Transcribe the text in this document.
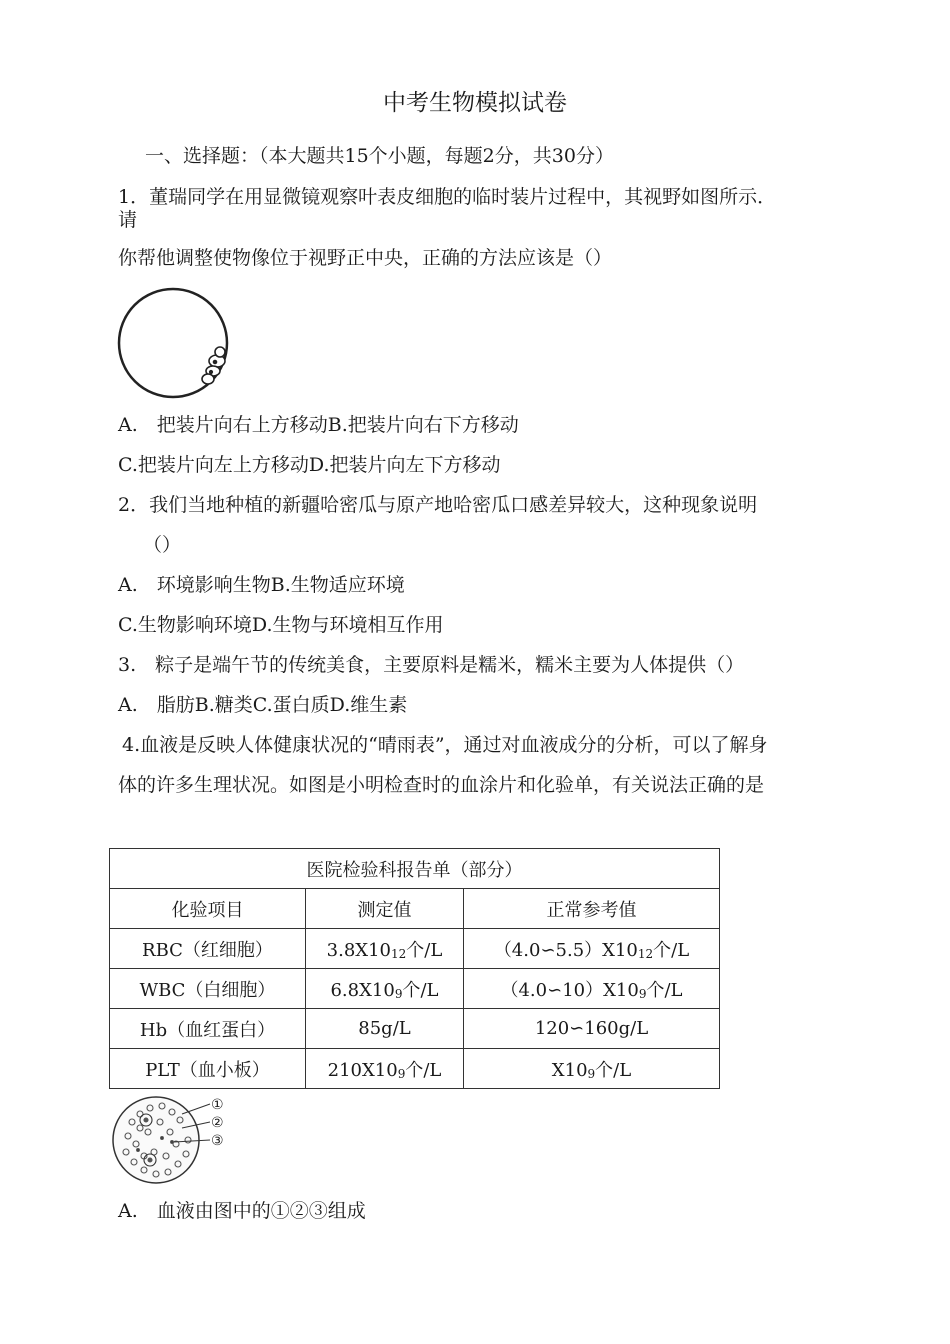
中考生物模拟试卷
一、选择题：（本大题共15个小题，每题2分，共30分）
1．董瑞同学在用显微镜观察叶表皮细胞的临时装片过程中，其视野如图所示．
请
你帮他调整使物像位于视野正中央，正确的方法应该是（）
A.　把装片向右上方移动B.把装片向右下方移动
C.把装片向左上方移动D.把装片向左下方移动
2．我们当地种植的新疆哈密瓜与原产地哈密瓜口感差异较大，这种现象说明
（）
A.　环境影响生物B.生物适应环境
C.生物影响环境D.生物与环境相互作用
3.　粽子是端午节的传统美食，主要原料是糯米，糯米主要为人体提供（）
A.　脂肪B.糖类C.蛋白质D.维生素
4.血液是反映人体健康状况的“晴雨表”，通过对血液成分的分析，可以了解身
体的许多生理状况。如图是小明检查时的血涂片和化验单，有关说法正确的是
医院检验科报告单（部分）		
化验项目	测定值	正常参考值
RBC（红细胞）	$3.8X10_{12}$个/L	$(4.0∽5.5)X10_{12}$个/L
WBC（白细胞）	$6.8X10_9$个/L	$(4.0∽10)X10_9$个/L
Hb（血红蛋白）	85g/L	120∽160g/L
PLT（血小板）	$210X10_9$个/L	$X10_9$个/L
①
②
③
A.　血液由图中的①②③组成
